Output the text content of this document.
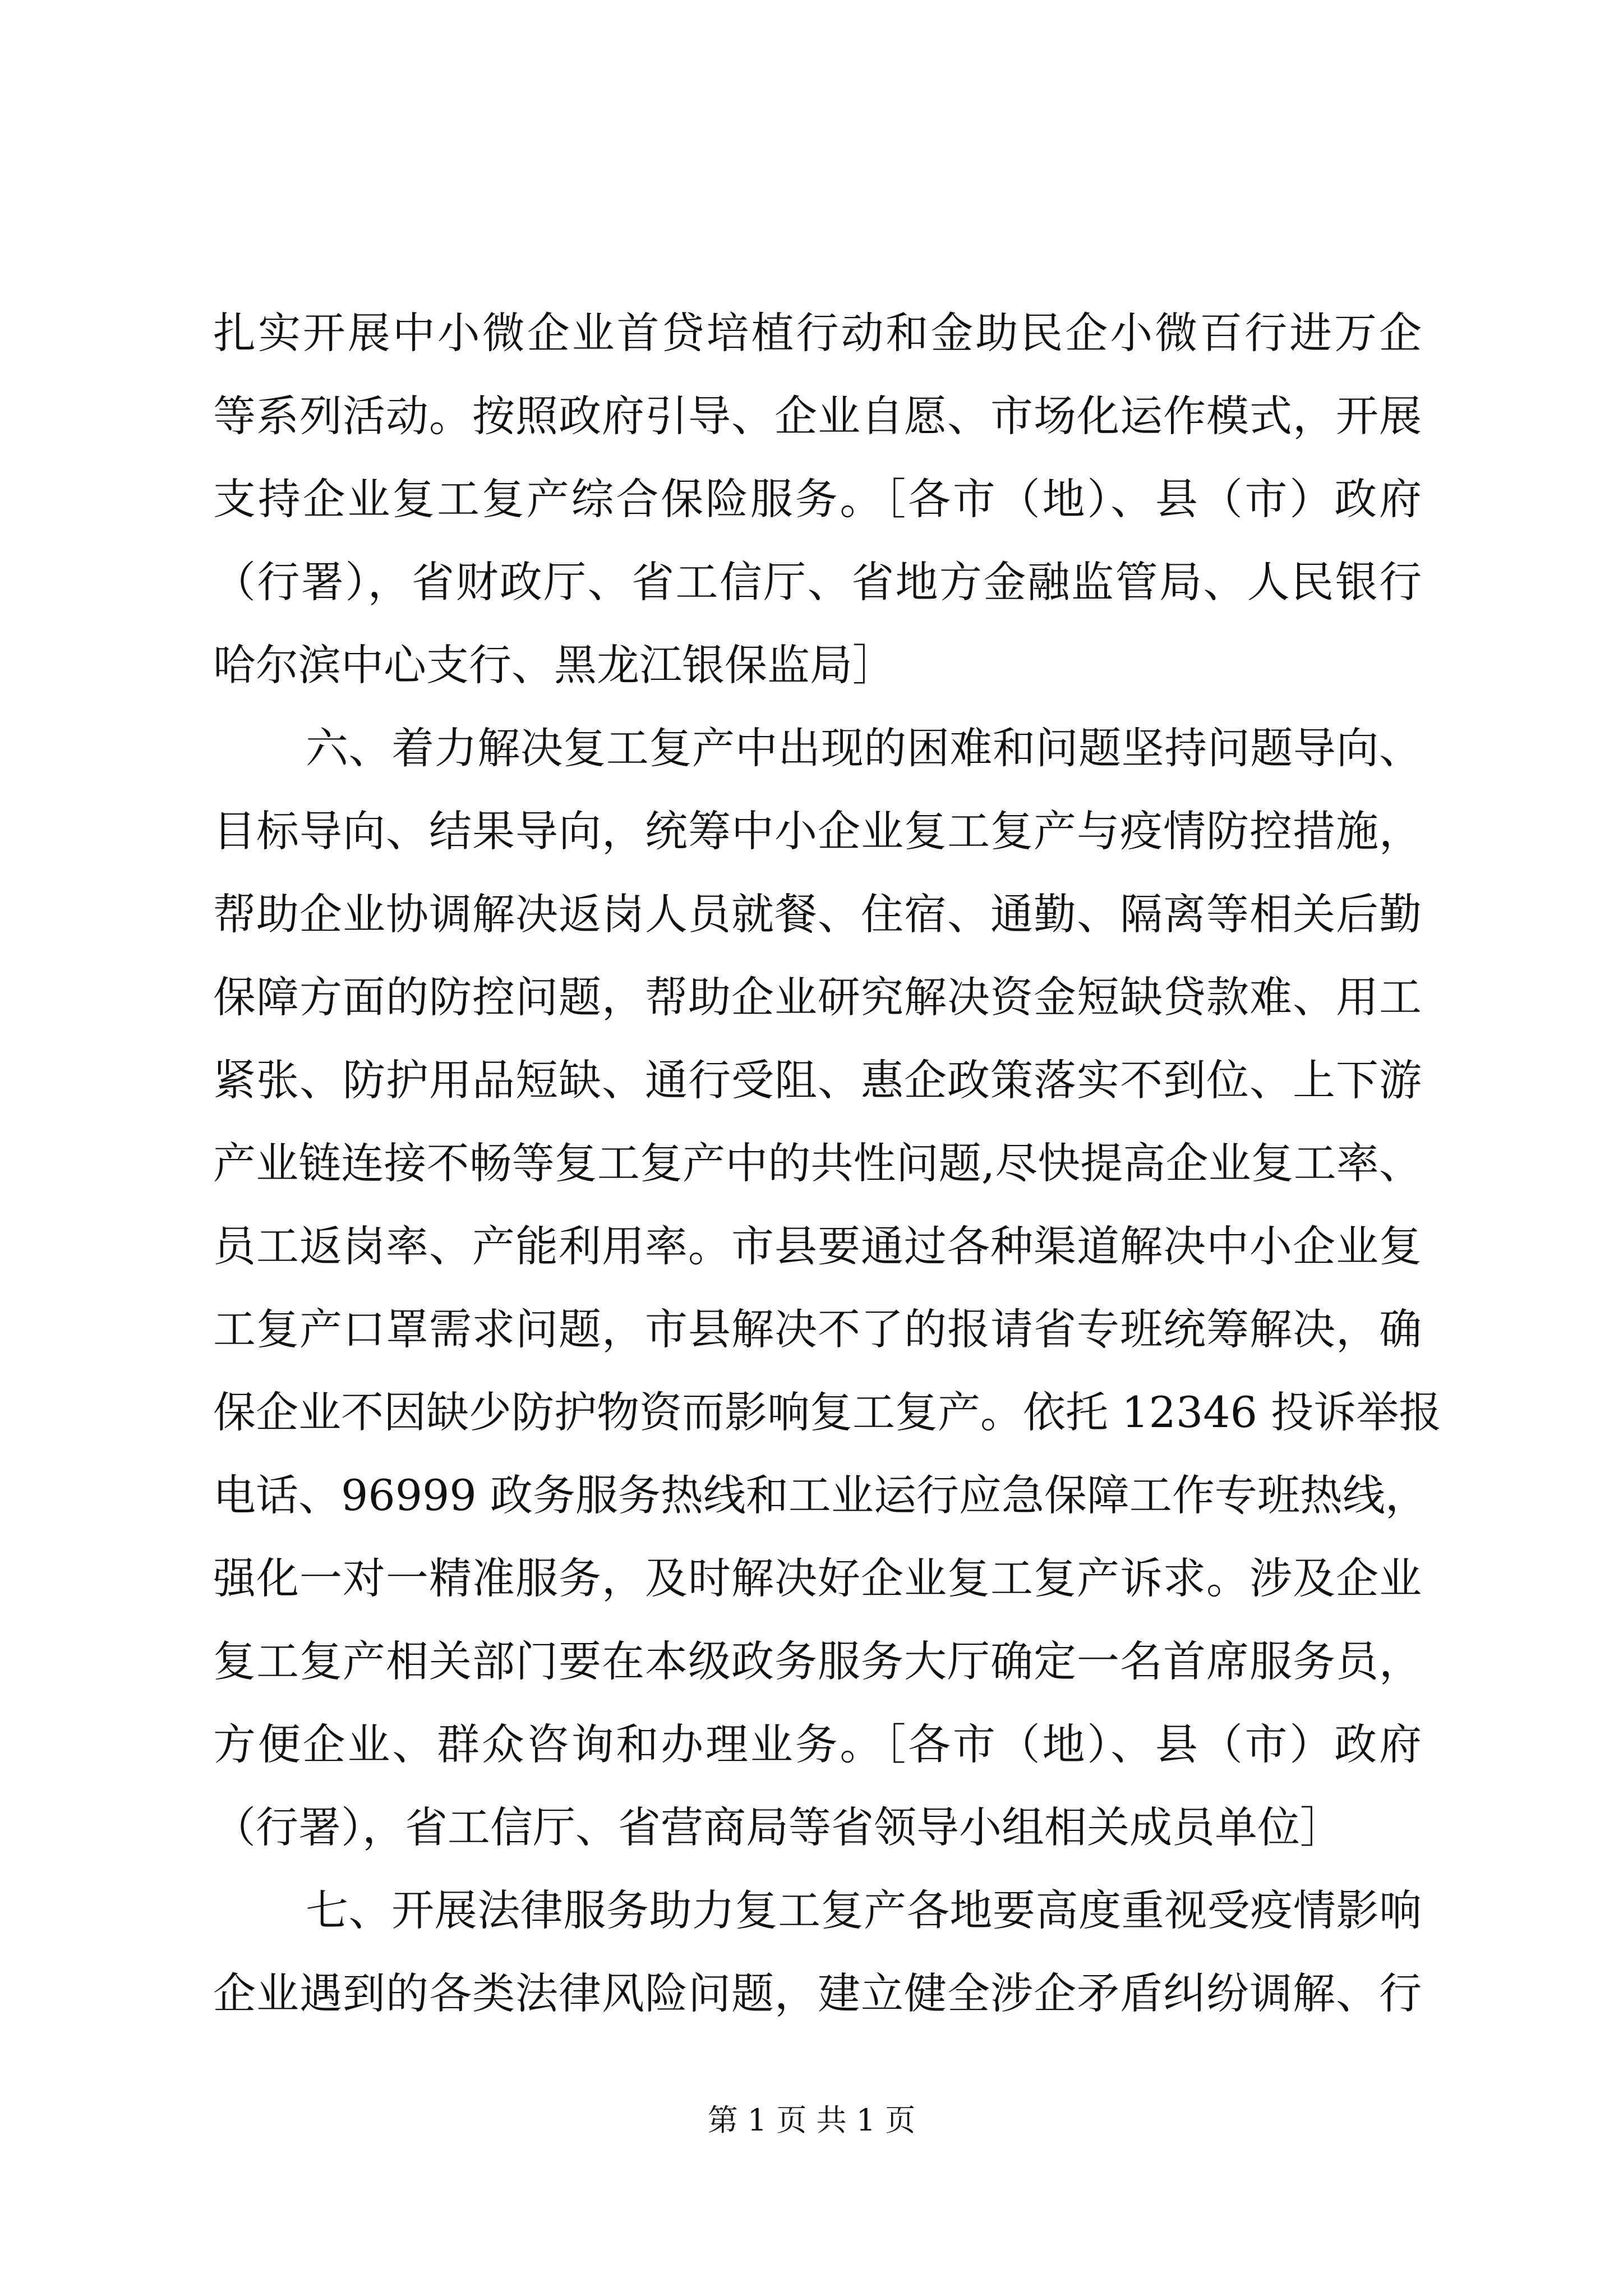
扎实开展中小微企业首贷培植行动和金助民企小微百行进万企
等系列活动。按照政府引导、企业自愿、市场化运作模式，开展
支持企业复工复产综合保险服务。［各市（地）、县（市）政府
（行署），省财政厅、省工信厅、省地方金融监管局、人民银行
哈尔滨中心支行、黑龙江银保监局］
六、着力解决复工复产中出现的困难和问题坚持问题导向、
目标导向、结果导向，统筹中小企业复工复产与疫情防控措施，
帮助企业协调解决返岗人员就餐、住宿、通勤、隔离等相关后勤
保障方面的防控问题，帮助企业研究解决资金短缺贷款难、用工
紧张、防护用品短缺、通行受阻、惠企政策落实不到位、上下游
产业链连接不畅等复工复产中的共性问题,尽快提高企业复工率、
员工返岗率、产能利用率。市县要通过各种渠道解决中小企业复
工复产口罩需求问题，市县解决不了的报请省专班统筹解决，确
保企业不因缺少防护物资而影响复工复产。依托 12346 投诉举报
电话、96999 政务服务热线和工业运行应急保障工作专班热线，
强化一对一精准服务，及时解决好企业复工复产诉求。涉及企业
复工复产相关部门要在本级政务服务大厅确定一名首席服务员，
方便企业、群众咨询和办理业务。［各市（地）、县（市）政府
（行署），省工信厅、省营商局等省领导小组相关成员单位］
七、开展法律服务助力复工复产各地要高度重视受疫情影响
企业遇到的各类法律风险问题，建立健全涉企矛盾纠纷调解、行
第 1 页 共 1 页
